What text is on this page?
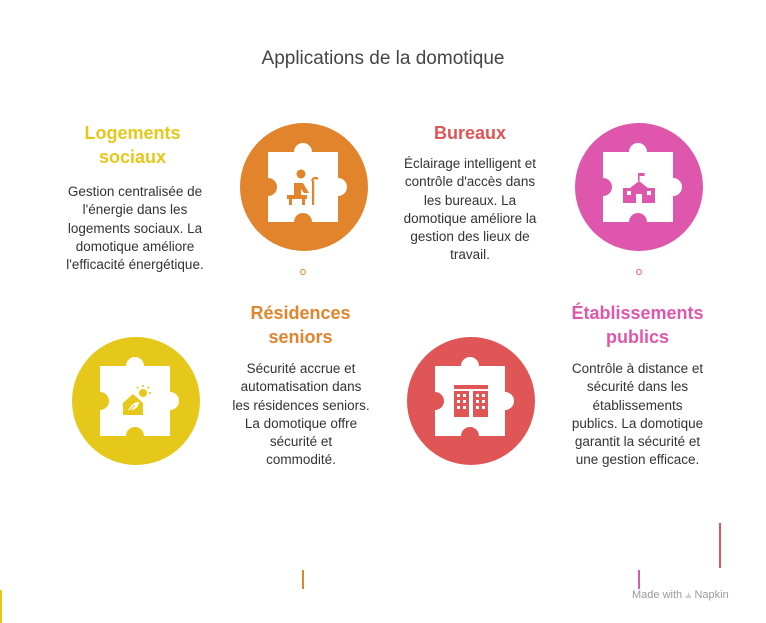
Applications de la domotique
Logements
sociaux
Gestion centralisée de
l'énergie dans les
logements sociaux. La
domotique améliore
l'efficacité énergétique.
Bureaux
Éclairage intelligent et
contrôle d'accès dans
les bureaux. La
domotique améliore la
gestion des lieux de
travail.
Résidences
seniors
Sécurité accrue et
automatisation dans
les résidences seniors.
La domotique offre
sécurité et
commodité.
Établissements
publics
Contrôle à distance et
sécurité dans les
établissements
publics. La domotique
garantit la sécurité et
une gestion efficace.
Made with ⫨ Napkin
